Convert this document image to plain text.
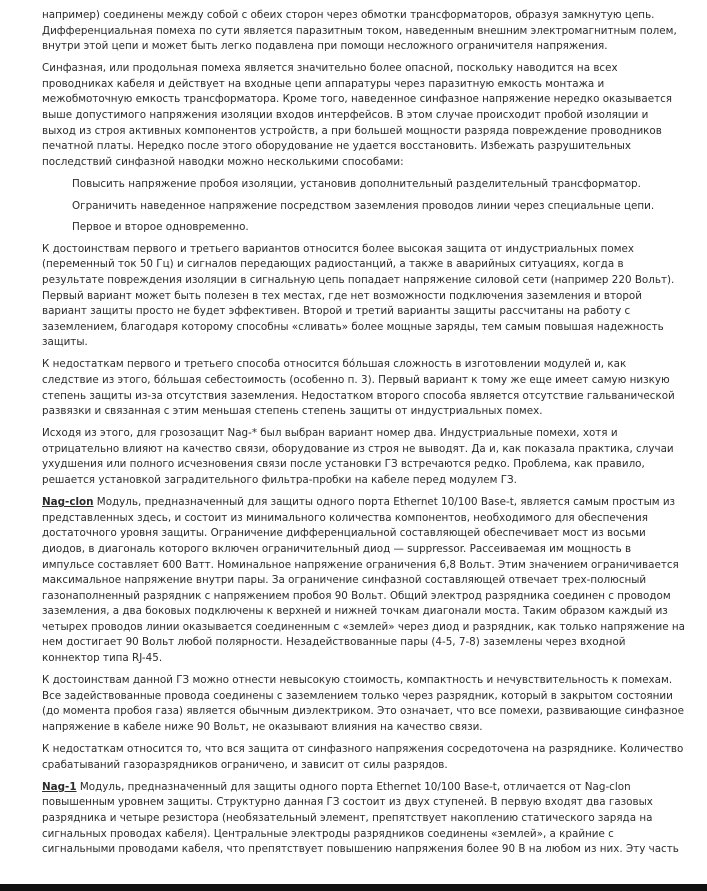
например) соединены между собой с обеих сторон через обмотки трансформаторов, образуя замкнутую цепь. Дифференциальная помеха по сути является паразитным током, наведенным внешним электромагнитным полем, внутри этой цепи и может быть легко подавлена при помощи несложного ограничителя напряжения.

Синфазная, или продольная помеха является значительно более опасной, поскольку наводится на всех проводниках кабеля и действует на входные цепи аппаратуры через паразитную емкость монтажа и межобмоточную емкость трансформатора. Кроме того, наведенное синфазное напряжение нередко оказывается выше допустимого напряжения изоляции входов интерфейсов. В этом случае происходит пробой изоляции и выход из строя активных компонентов устройств, а при большей мощности разряда повреждение проводников печатной платы. Нередко после этого оборудование не удается восстановить. Избежать разрушительных последствий синфазной наводки можно несколькими способами:

Повысить напряжение пробоя изоляции, установив дополнительный разделительный трансформатор.

Ограничить наведенное напряжение посредством заземления проводов линии через специальные цепи.

Первое и второе одновременно.

К достоинствам первого и третьего вариантов относится более высокая защита от индустриальных помех (переменный ток 50 Гц) и сигналов передающих радиостанций, а также в аварийных ситуациях, когда в результате повреждения изоляции в сигнальную цепь попадает напряжение силовой сети (например 220 Вольт). Первый вариант может быть полезен в тех местах, где нет возможности подключения заземления и второй вариант защиты просто не будет эффективен. Второй и третий варианты защиты рассчитаны на работу с заземлением, благодаря которому способны «сливать» более мощные заряды, тем самым повышая надежность защиты.

К недостаткам первого и третьего способа относится бо́льшая сложность в изготовлении модулей и, как следствие из этого, бо́льшая себестоимость (особенно п. 3). Первый вариант к тому же еще имеет самую низкую степень защиты из-за отсутствия заземления. Недостатком второго способа является отсутствие гальванической развязки и связанная с этим меньшая степень степень защиты от индустриальных помех.

Исходя из этого, для грозозащит Nag-* был выбран вариант номер два. Индустриальные помехи, хотя и отрицательно влияют на качество связи, оборудование из строя не выводят. Да и, как показала практика, случаи ухудшения или полного исчезновения связи после установки ГЗ встречаются редко. Проблема, как правило, решается установкой заградительного фильтра-пробки на кабеле перед модулем ГЗ.

Nag-clon Модуль, предназначенный для защиты одного порта Ethernet 10/100 Base-t, является самым простым из представленных здесь, и состоит из минимального количества компонентов, необходимого для обеспечения достаточного уровня защиты. Ограничение дифференциальной составляющей обеспечивает мост из восьми диодов, в диагональ которого включен ограничительный диод — suppressor. Рассеиваемая им мощность в импульсе составляет 600 Ватт. Номинальное напряжение ограничения 6,8 Вольт. Этим значением ограничивается максимальное напряжение внутри пары. За ограничение синфазной составляющей отвечает трех-полюсный газонаполненный разрядник с напряжением пробоя 90 Вольт. Общий электрод разрядника соединен с проводом заземления, а два боковых подключены к верхней и нижней точкам диагонали моста. Таким образом каждый из четырех проводов линии оказывается соединенным с «землей» через диод и разрядник, как только напряжение на нем достигает 90 Вольт любой полярности. Незадействованные пары (4-5, 7-8) заземлены через входной коннектор типа RJ-45.

К достоинствам данной ГЗ можно отнести невысокую стоимость, компактность и нечувствительность к помехам. Все задействованные провода соединены с заземлением только через разрядник, который в закрытом состоянии (до момента пробоя газа) является обычным диэлектриком. Это означает, что все помехи, развивающие синфазное напряжение в кабеле ниже 90 Вольт, не оказывают влияния на качество связи.

К недостаткам относится то, что вся защита от синфазного напряжения сосредоточена на разряднике. Количество срабатываний газоразрядников ограничено, и зависит от силы разрядов.

Nag-1 Модуль, предназначенный для защиты одного порта Ethernet 10/100 Base-t, отличается от Nag-clon повышенным уровнем защиты. Структурно данная ГЗ состоит из двух ступеней. В первую входят два газовых разрядника и четыре резистора (необязательный элемент, препятствует накоплению статического заряда на сигнальных проводах кабеля). Центральные электроды разрядников соединены «землей», а крайние с сигнальными проводами кабеля, что препятствует повышению напряжения более 90 В на любом из них. Эту часть
